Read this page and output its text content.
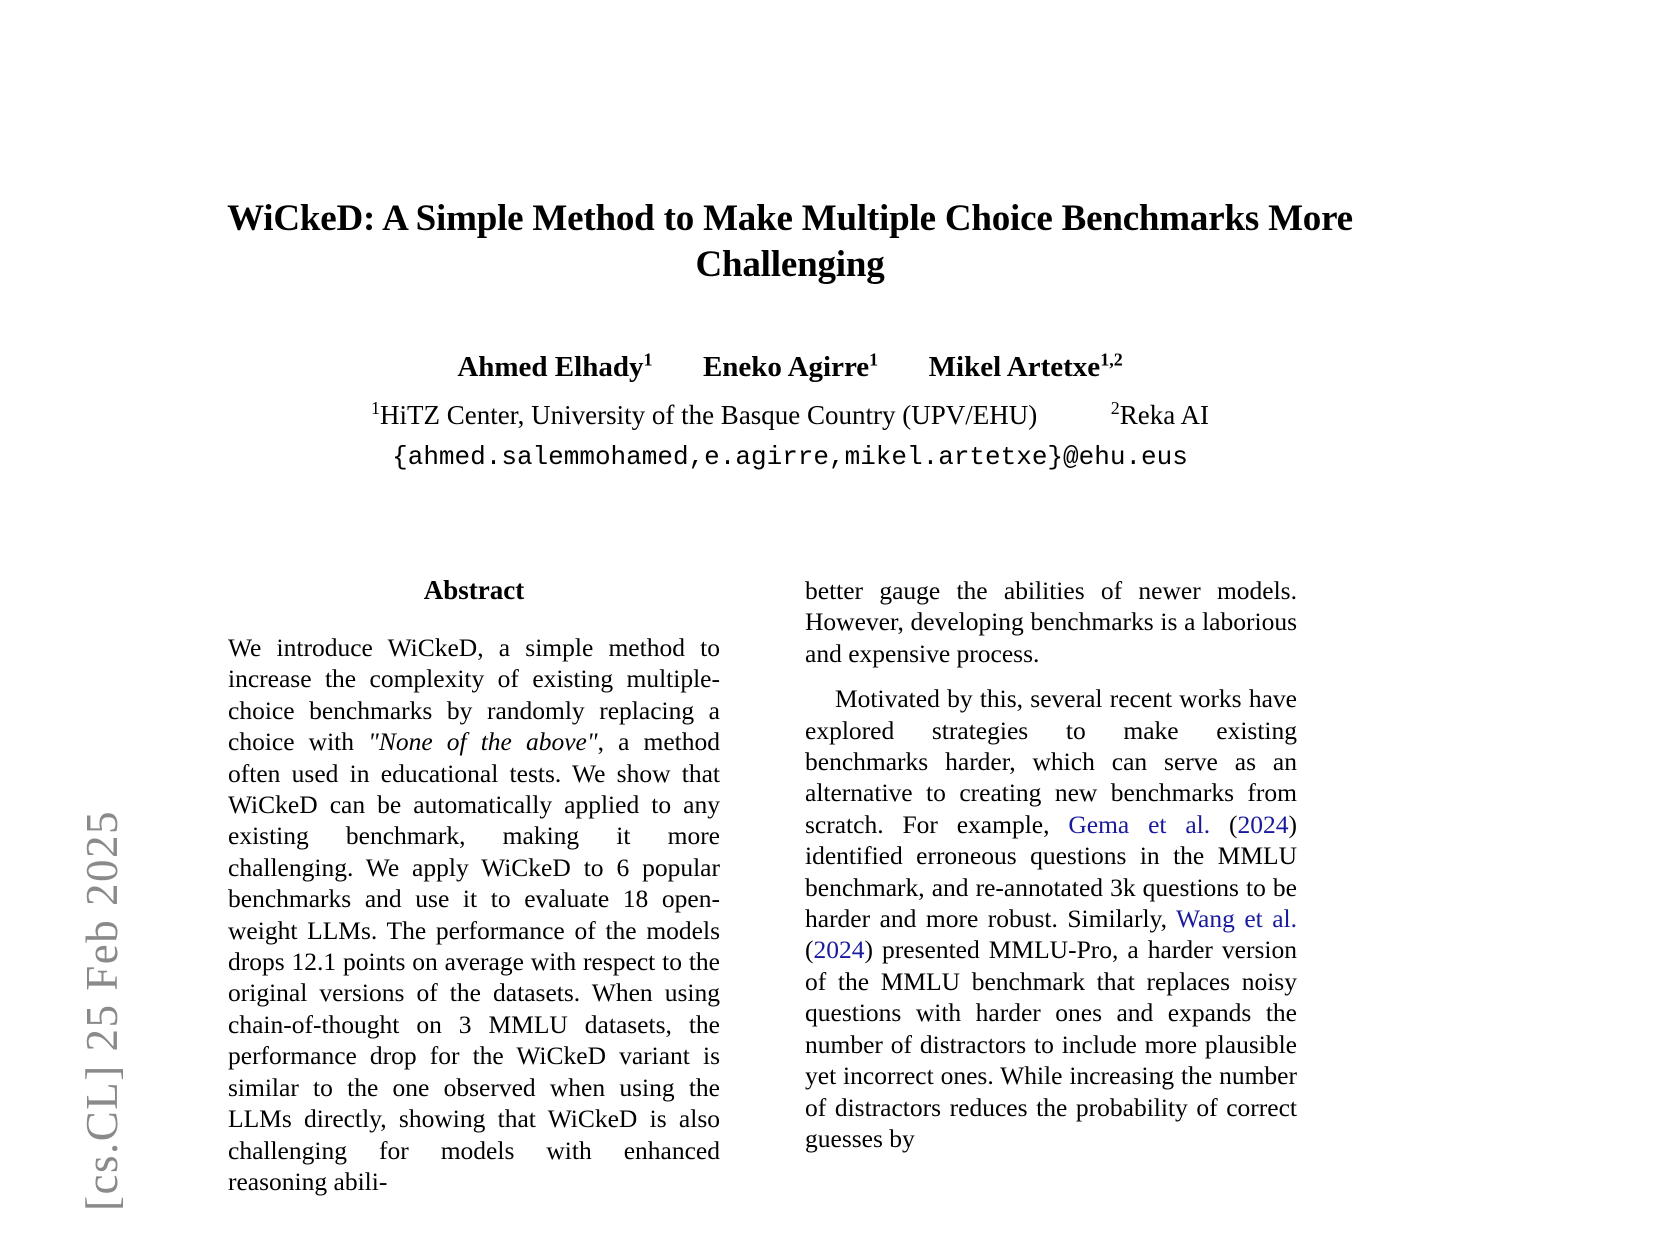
[cs.CL] 25 Feb 2025
WiCkeD: A Simple Method to Make Multiple Choice Benchmarks More Challenging
Ahmed Elhady$^1$ Eneko Agirre$^1$ Mikel Artetxe$^{1,2}$
$^1$HiTZ Center, University of the Basque Country (UPV/EHU)	$^2$Reka AI
{ahmed.salemmohamed,e.agirre,mikel.artetxe}@ehu.eus
Abstract

We introduce WiCkeD, a simple method to increase the complexity of existing multiple-choice benchmarks by randomly replacing a choice with "None of the above", a method often used in educational tests. We show that WiCkeD can be automatically applied to any existing benchmark, making it more challenging. We apply WiCkeD to 6 popular benchmarks and use it to evaluate 18 open-weight LLMs. The performance of the models drops 12.1 points on average with respect to the original versions of the datasets. When using chain-of-thought on 3 MMLU datasets, the performance drop for the WiCkeD variant is similar to the one observed when using the LLMs directly, showing that WiCkeD is also challenging for models with enhanced reasoning abili-

better gauge the abilities of newer models. However, developing benchmarks is a laborious and expensive process.

Motivated by this, several recent works have explored strategies to make existing benchmarks harder, which can serve as an alternative to creating new benchmarks from scratch. For example, Gema et al. (2024) identified erroneous questions in the MMLU benchmark, and re-annotated 3k questions to be harder and more robust. Similarly, Wang et al. (2024) presented MMLU-Pro, a harder version of the MMLU benchmark that replaces noisy questions with harder ones and expands the number of distractors to include more plausible yet incorrect ones. While increasing the number of distractors reduces the probability of correct guesses by
